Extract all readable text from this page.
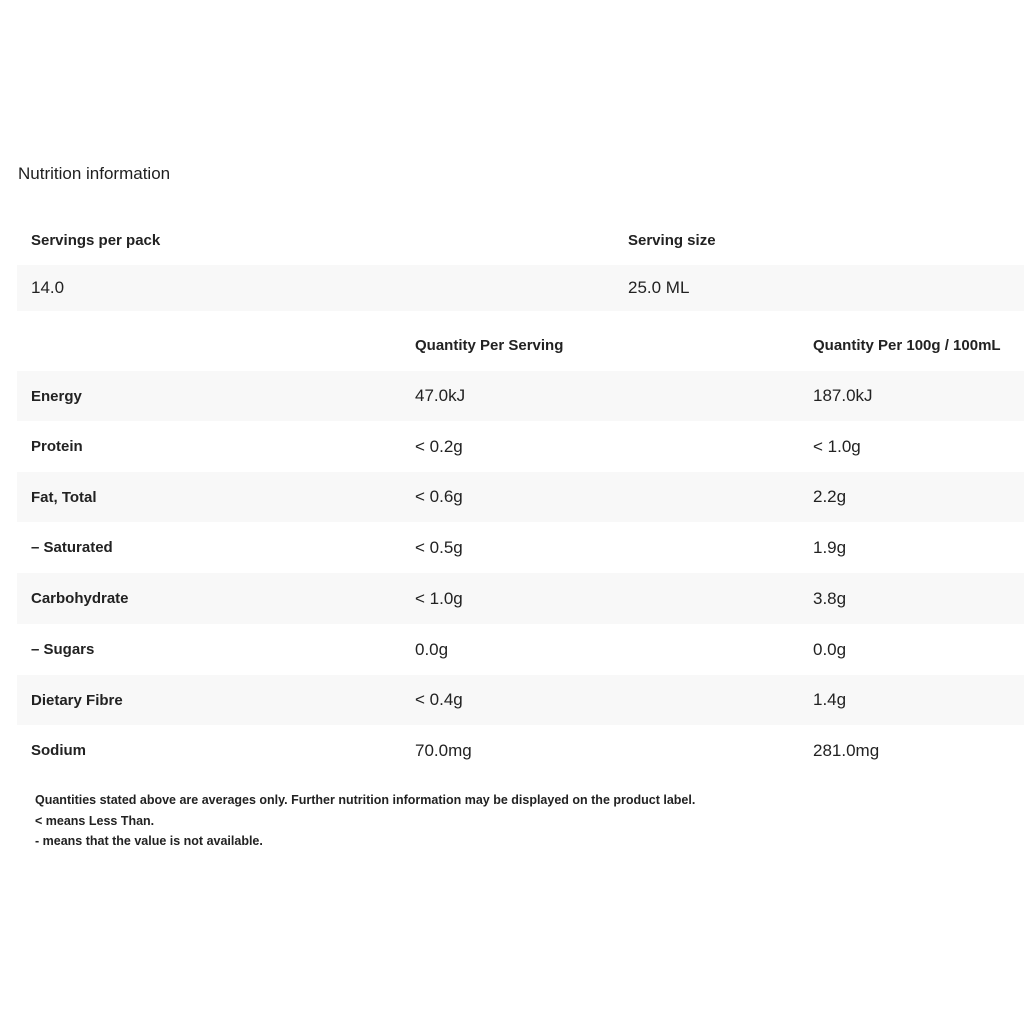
Nutrition information
Servings per pack	Serving size
14.0	25.0 ML
Quantity Per Serving	Quantity Per 100g / 100mL
Energy	47.0kJ	187.0kJ
Protein	< 0.2g	< 1.0g
Fat, Total	< 0.6g	2.2g
– Saturated	< 0.5g	1.9g
Carbohydrate	< 1.0g	3.8g
– Sugars	0.0g	0.0g
Dietary Fibre	< 0.4g	1.4g
Sodium	70.0mg	281.0mg
Quantities stated above are averages only. Further nutrition information may be displayed on the product label.
< means Less Than.
- means that the value is not available.
